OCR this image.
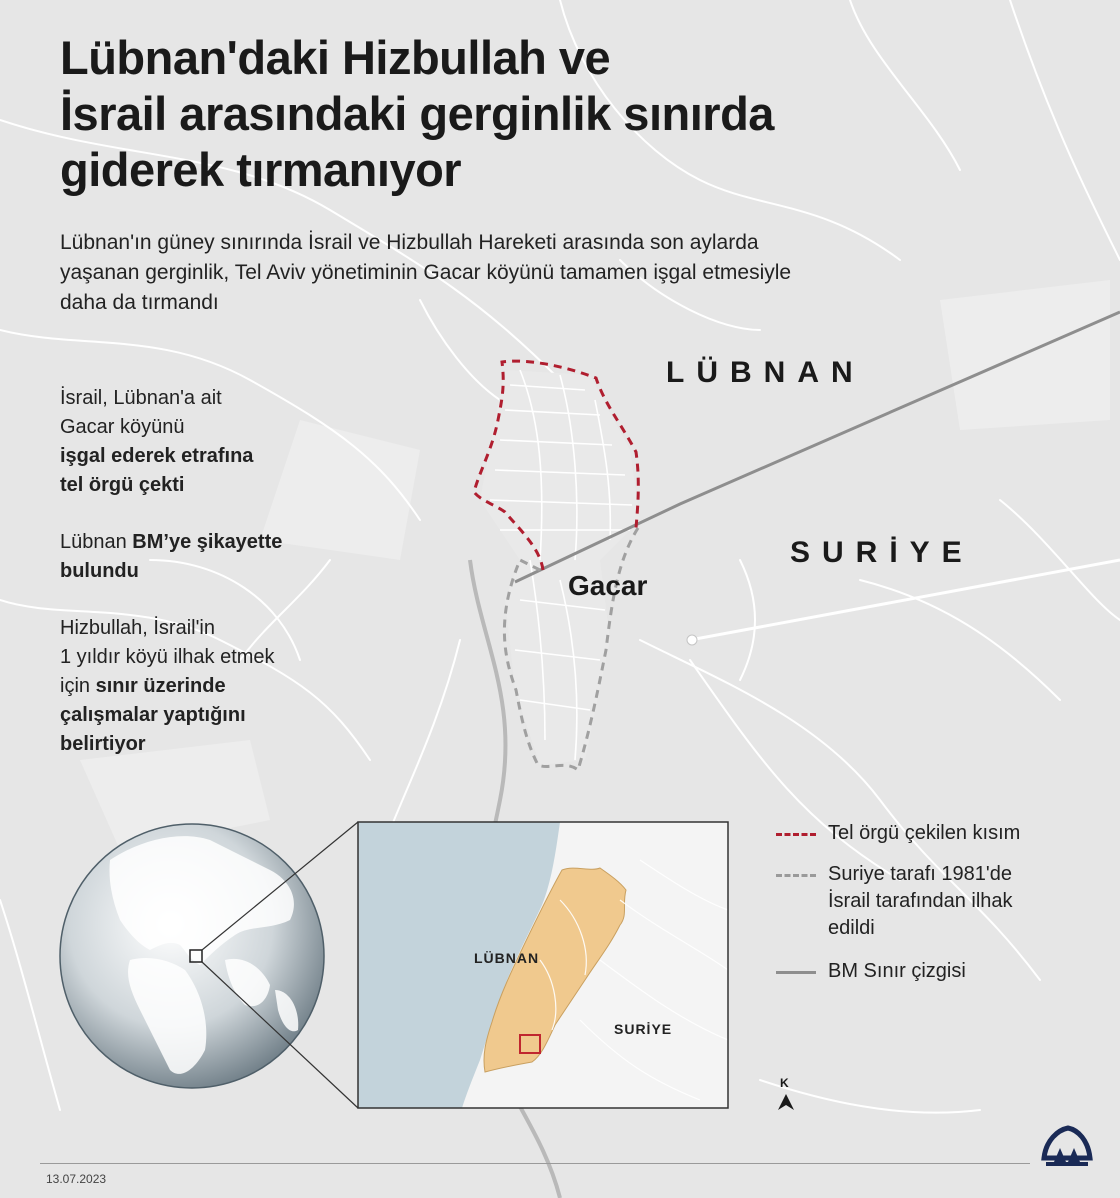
Lübnan'daki Hizbullah ve
İsrail arasındaki gerginlik sınırda
giderek tırmanıyor

Lübnan'ın güney sınırında İsrail ve Hizbullah Hareketi arasında son aylarda
yaşanan gerginlik, Tel Aviv yönetiminin Gacar köyünü tamamen işgal etmesiyle
daha da tırmandı

İsrail, Lübnan'a ait
Gacar köyünü
işgal ederek etrafına
tel örgü çekti
Lübnan BM’ye şikayette
bulundu
Hizbullah, İsrail'in
1 yıldır köyü ilhak etmek
için sınır üzerinde
çalışmalar yaptığını
belirtiyor
LÜBNAN
SURİYE
Gacar
LÜBNAN
SURİYE
K
Tel örgü çekilen kısım
Suriye tarafı 1981'de
İsrail tarafından ilhak
edildi
BM Sınır çizgisi
13.07.2023
